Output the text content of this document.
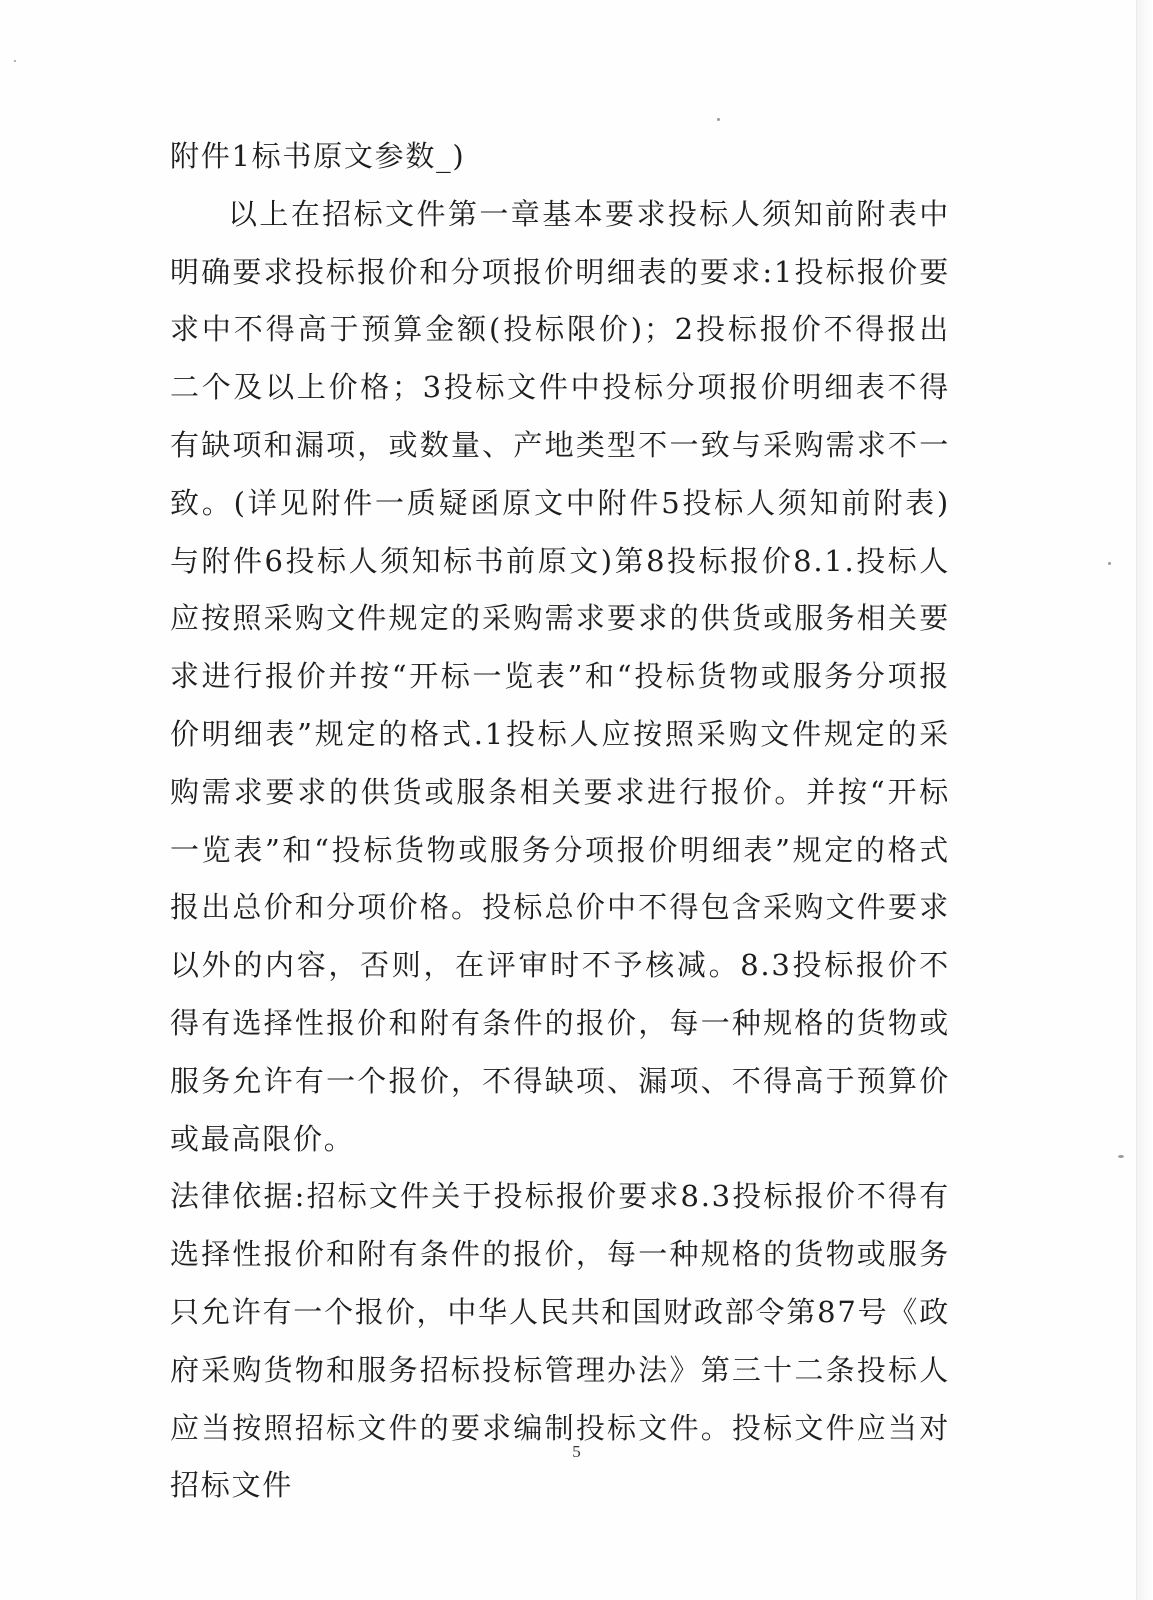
附件1标书原文参数_)

以上在招标文件第一章基本要求投标人须知前附表中明确要求投标报价和分项报价明细表的要求:1投标报价要求中不得高于预算金额(投标限价)；2投标报价不得报出二个及以上价格；3投标文件中投标分项报价明细表不得有缺项和漏项，或数量、产地类型不一致与采购需求不一致。(详见附件一质疑函原文中附件5投标人须知前附表)与附件6投标人须知标书前原文)第8投标报价8.1.投标人应按照采购文件规定的采购需求要求的供货或服务相关要求进行报价并按“开标一览表”和“投标货物或服务分项报价明细表”规定的格式.1投标人应按照采购文件规定的采购需求要求的供货或服条相关要求进行报价。并按“开标一览表”和“投标货物或服务分项报价明细表”规定的格式报出总价和分项价格。投标总价中不得包含采购文件要求以外的内容，否则，在评审时不予核减。8.3投标报价不得有选择性报价和附有条件的报价，每一种规格的货物或服务允许有一个报价，不得缺项、漏项、不得高于预算价或最高限价。

法律依据:招标文件关于投标报价要求8.3投标报价不得有选择性报价和附有条件的报价，每一种规格的货物或服务只允许有一个报价，中华人民共和国财政部令第87号《政府采购货物和服务招标投标管理办法》第三十二条投标人应当按照招标文件的要求编制投标文件。投标文件应当对招标文件

5
